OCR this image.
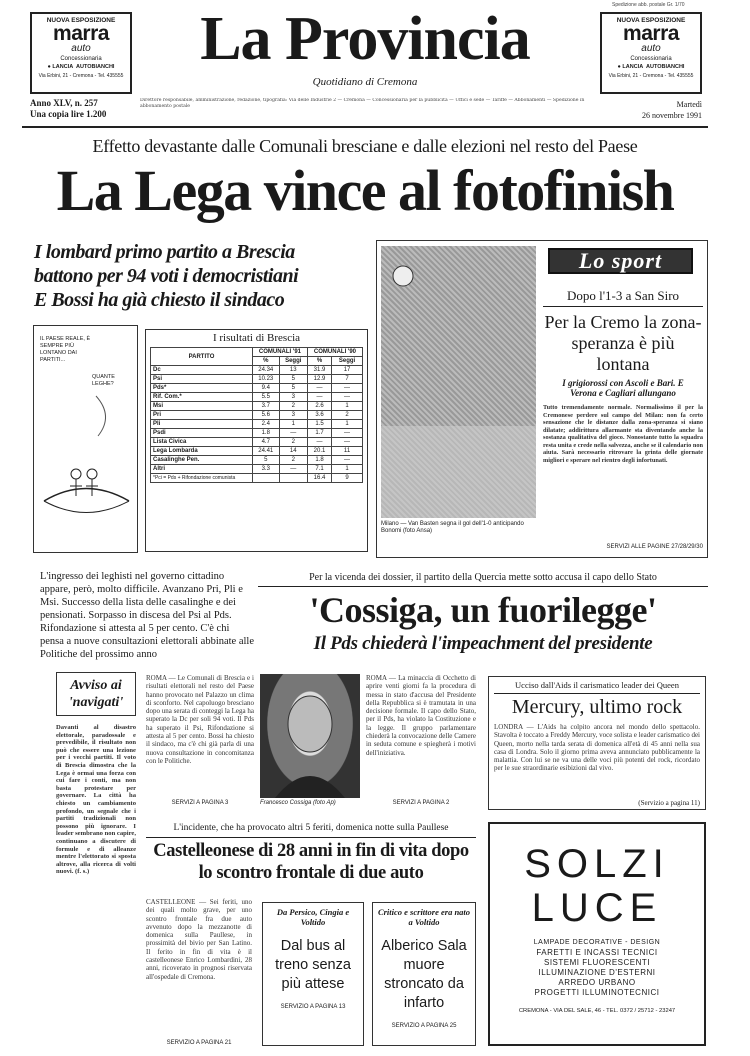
NUOVA ESPOSIZIONE
marra
auto
Concessionaria
● LANCIA AUTOBIANCHI
Via Erbini, 21 - Cremona - Tel. 435555
Spedizione abb. postale Gr. 1/70
NUOVA ESPOSIZIONE
marra
auto
Concessionaria
● LANCIA AUTOBIANCHI
Via Erbini, 21 - Cremona - Tel. 435555
La Provincia
Quotidiano di Cremona
Anno XLV, n. 257
Una copia lire 1.200
Direttore responsabile, amministrazione, redazione, tipografia: Via delle Industrie 2 — Cremona — Concessionaria per la pubblicità — Uffici e sede — Tariffe — Abbonamenti — Spedizione in abbonamento postale	Martedì
26 novembre 1991
Effetto devastante dalle Comunali bresciane e dalle elezioni nel resto del Paese
La Lega vince al fotofinish
I lombard primo partito a Brescia
battono per 94 voti i democristiani
E Bossi ha già chiesto il sindaco
IL PAESE REALE, È SEMPRE PIÙ LONTANO DAI PARTITI...
QUANTE LEGHE?
I risultati di Brescia
PARTITO	COMUNALI '91		COMUNALI '90	
	%	Seggi	%	Seggi
Dc	24.34	13	31.9	17
Psi	10.23	5	12.9	7
Pds*	9.4	5	—	—
Rif. Com.*	5.5	3	—	—
Msi	3.7	2	2.6	1
Pri	5.6	3	3.6	2
Pli	2.4	1	1.5	1
Psdi	1.8	—	1.7	—
Lista Civica	4.7	2	—	—
Lega Lombarda	24.41	14	20.1	11
Casalinghe Pen.	5	2	1.8	—
Altri	3.3	—	7.1	1
*Pci = Pds + Rifondazione comunista			16.4	9
Milano — Van Basten segna il gol dell'1-0 anticipando Bonomi (foto Ansa)
Lo sport
Dopo l'1-3 a San Siro
Per la Cremo la zona-speranza è più lontana
I grigiorossi con Ascoli e Bari. E Verona e Cagliari allungano
Tutto tremendamente normale. Normalissimo il per la Cremonese perdere sul campo del Milan: non fa certo sensazione che le distanze dalla zona-speranza si siano dilatate; addirittura allarmante sta diventando anche la sostanza qualitativa del gioco. Nonostante tutto la squadra resta unita e crede nella salvezza, anche se il calendario non aiuta. Sarà necessario ritrovare la grinta delle giornate migliori e sperare nel rientro degli infortunati.
SERVIZI ALLE PAGINE 27/28/29/30
L'ingresso dei leghisti nel governo cittadino appare, però, molto difficile. Avanzano Pri, Pli e Msi. Successo della lista delle casalinghe e dei pensionati. Sorpasso in discesa del Psi al Pds. Rifondazione si attesta al 5 per cento. C'è chi pensa a nuove consultazioni elettorali abbinate alle Politiche del prossimo anno
Per la vicenda dei dossier, il partito della Quercia mette sotto accusa il capo dello Stato
'Cossiga, un fuorilegge'
Il Pds chiederà l'impeachment del presidente
Avviso ai 'navigati'
Davanti al disastro elettorale, paradossale e prevedibile, il risultato non può che essere una lezione per i vecchi partiti. Il voto di Brescia dimostra che la Lega è ormai una forza con cui fare i conti, ma non basta protestare per governare. La città ha chiesto un cambiamento profondo, un segnale che i partiti tradizionali non possono più ignorare. I leader sembrano non capire, continuano a discutere di formule e di alleanze mentre l'elettorato si sposta altrove, alla ricerca di volti nuovi. (f. s.)
ROMA — Le Comunali di Brescia e i risultati elettorali nel resto del Paese hanno provocato nel Palazzo un clima di sconforto. Nel capoluogo bresciano dopo una serata di conteggi la Lega ha superato la Dc per soli 94 voti. Il Pds ha superato il Psi, Rifondazione si attesta al 5 per cento. Bossi ha chiesto il sindaco, ma c'è chi già parla di una nuova consultazione in concomitanza con le Politiche.
SERVIZI A PAGINA 3	Francesco Cossiga (foto Ap)
ROMA — La minaccia di Occhetto di aprire venti giorni fa la procedura di messa in stato d'accusa del Presidente della Repubblica si è tramutata in una decisione formale. Il capo dello Stato, per il Pds, ha violato la Costituzione e la legge. Il gruppo parlamentare chiederà la convocazione delle Camere in seduta comune e spiegherà i motivi dell'iniziativa.
SERVIZI A PAGINA 2
Ucciso dall'Aids il carismatico leader dei Queen
Mercury, ultimo rock
LONDRA — L'Aids ha colpito ancora nel mondo dello spettacolo. Stavolta è toccato a Freddy Mercury, voce solista e leader carismatico dei Queen, morto nella tarda serata di domenica all'età di 45 anni nella sua casa di Londra. Solo il giorno prima aveva annunciato pubblicamente la malattia. Con lui se ne va una delle voci più potenti del rock, ricordato per le sue straordinarie esibizioni dal vivo.
(Servizio a pagina 11)
L'incidente, che ha provocato altri 5 feriti, domenica notte sulla Paullese
Castelleonese di 28 anni in fin di vita dopo lo scontro frontale di due auto
CASTELLEONE — Sei feriti, uno dei quali molto grave, per uno scontro frontale fra due auto avvenuto dopo la mezzanotte di domenica sulla Paullese, in prossimità del bivio per San Latino. Il ferito in fin di vita è il castelleonese Enrico Lombardini, 28 anni, ricoverato in prognosi riservata all'ospedale di Cremona.
SERVIZIO A PAGINA 21
Da Persico, Cingia e Voltido
Dal bus al treno senza più attese
SERVIZIO A PAGINA 13
Critico e scrittore era nato a Voltido
Alberico Sala muore stroncato da infarto
SERVIZIO A PAGINA 25
SOLZI
LUCE
LAMPADE DECORATIVE - DESIGN
FARETTI E INCASSI TECNICI
SISTEMI FLUORESCENTI
ILLUMINAZIONE D'ESTERNI
ARREDO URBANO
PROGETTI ILLUMINOTECNICI
CREMONA - VIA DEL SALE, 46 - TEL. 0372 / 25712 - 23247
